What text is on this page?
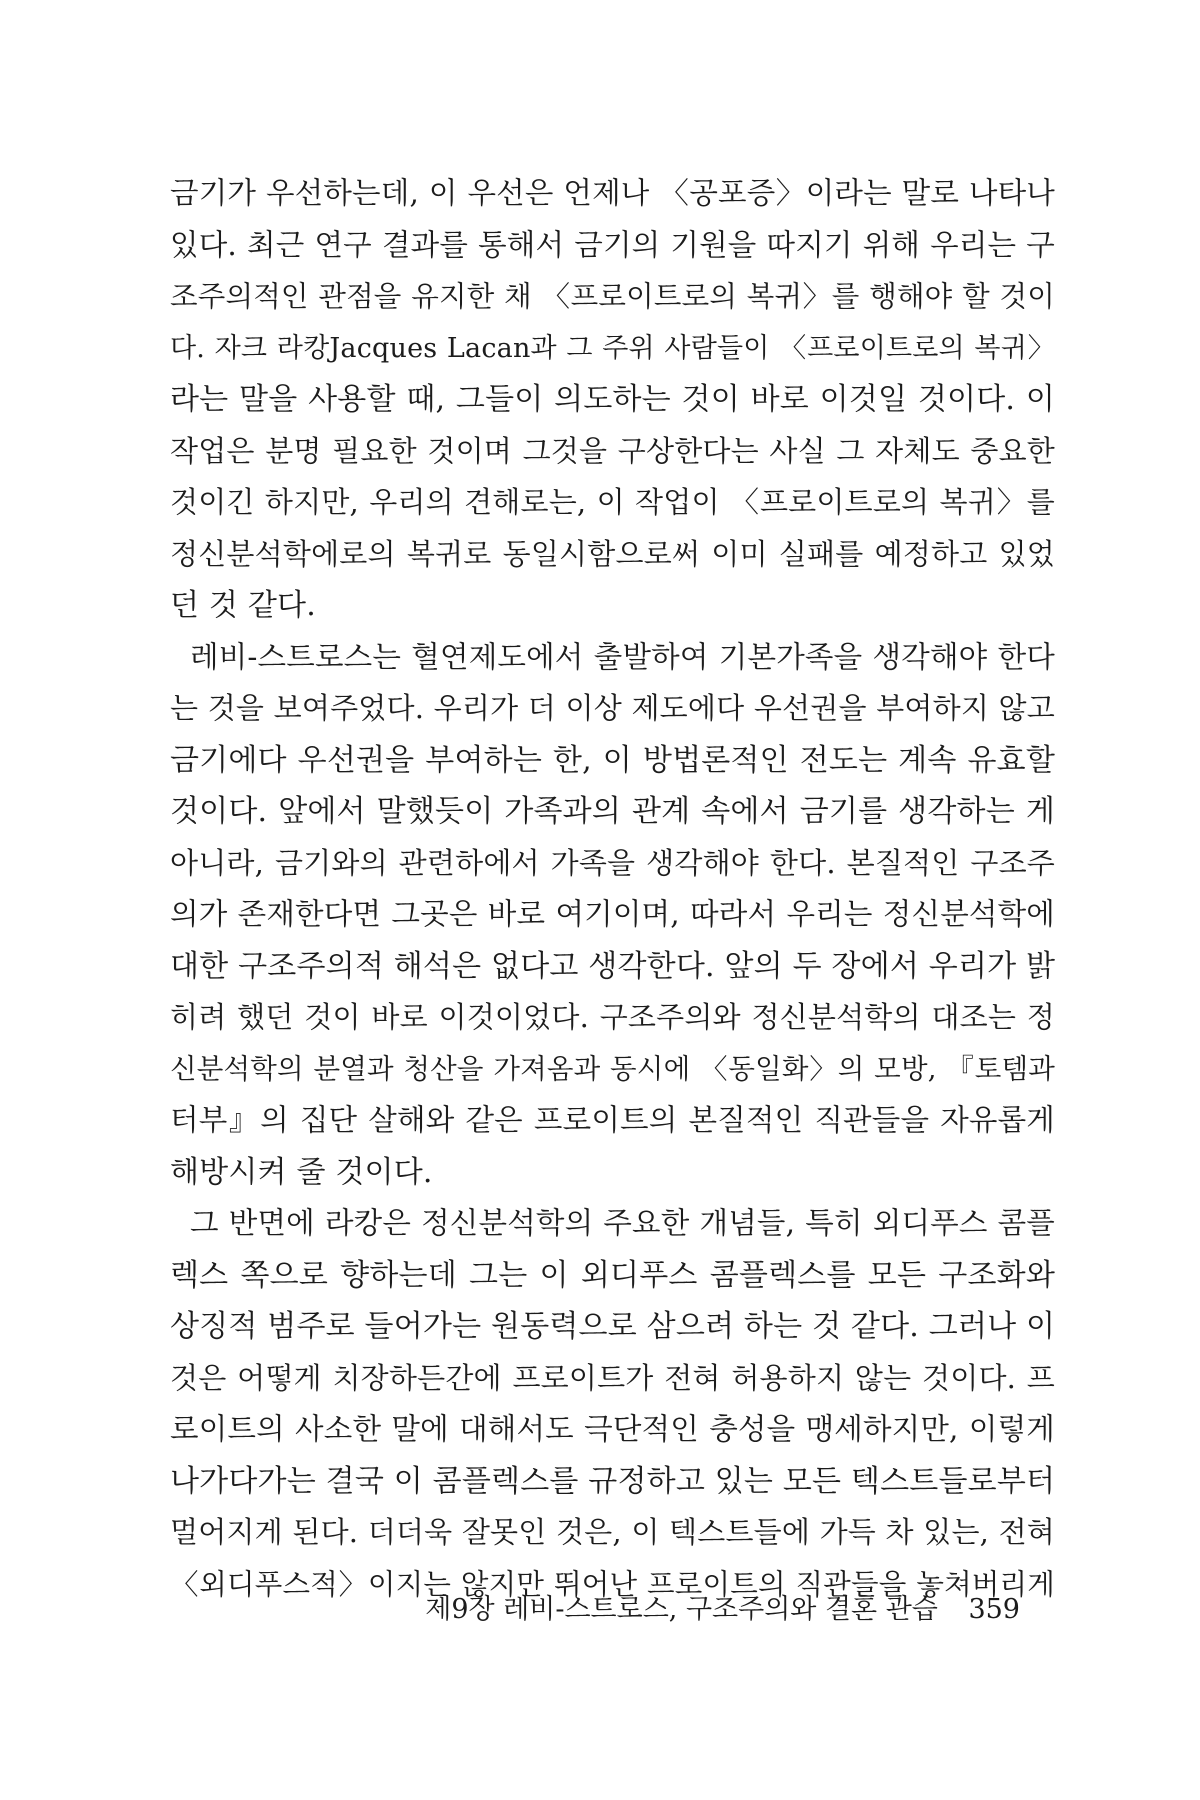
금기가 우선하는데, 이 우선은 언제나 〈공포증〉이라는 말로 나타나
있다. 최근 연구 결과를 통해서 금기의 기원을 따지기 위해 우리는 구
조주의적인 관점을 유지한 채 〈프로이트로의 복귀〉를 행해야 할 것이
다. 자크 라캉Jacques Lacan과 그 주위 사람들이 〈프로이트로의 복귀〉
라는 말을 사용할 때, 그들이 의도하는 것이 바로 이것일 것이다. 이
작업은 분명 필요한 것이며 그것을 구상한다는 사실 그 자체도 중요한
것이긴 하지만, 우리의 견해로는, 이 작업이 〈프로이트로의 복귀〉를
정신분석학에로의 복귀로 동일시함으로써 이미 실패를 예정하고 있었
던 것 같다.
레비-스트로스는 혈연제도에서 출발하여 기본가족을 생각해야 한다
는 것을 보여주었다. 우리가 더 이상 제도에다 우선권을 부여하지 않고
금기에다 우선권을 부여하는 한, 이 방법론적인 전도는 계속 유효할
것이다. 앞에서 말했듯이 가족과의 관계 속에서 금기를 생각하는 게
아니라, 금기와의 관련하에서 가족을 생각해야 한다. 본질적인 구조주
의가 존재한다면 그곳은 바로 여기이며, 따라서 우리는 정신분석학에
대한 구조주의적 해석은 없다고 생각한다. 앞의 두 장에서 우리가 밝
히려 했던 것이 바로 이것이었다. 구조주의와 정신분석학의 대조는 정
신분석학의 분열과 청산을 가져옴과 동시에 〈동일화〉의 모방, 『토템과
터부』의 집단 살해와 같은 프로이트의 본질적인 직관들을 자유롭게
해방시켜 줄 것이다.
그 반면에 라캉은 정신분석학의 주요한 개념들, 특히 외디푸스 콤플
렉스 쪽으로 향하는데 그는 이 외디푸스 콤플렉스를 모든 구조화와
상징적 범주로 들어가는 원동력으로 삼으려 하는 것 같다. 그러나 이
것은 어떻게 치장하든간에 프로이트가 전혀 허용하지 않는 것이다. 프
로이트의 사소한 말에 대해서도 극단적인 충성을 맹세하지만, 이렇게
나가다가는 결국 이 콤플렉스를 규정하고 있는 모든 텍스트들로부터
멀어지게 된다. 더더욱 잘못인 것은, 이 텍스트들에 가득 차 있는, 전혀
〈외디푸스적〉이지는 않지만 뛰어난 프로이트의 직관들을 놓쳐버리게
제9장 레비-스트로스, 구조주의와 결혼 관습 359
